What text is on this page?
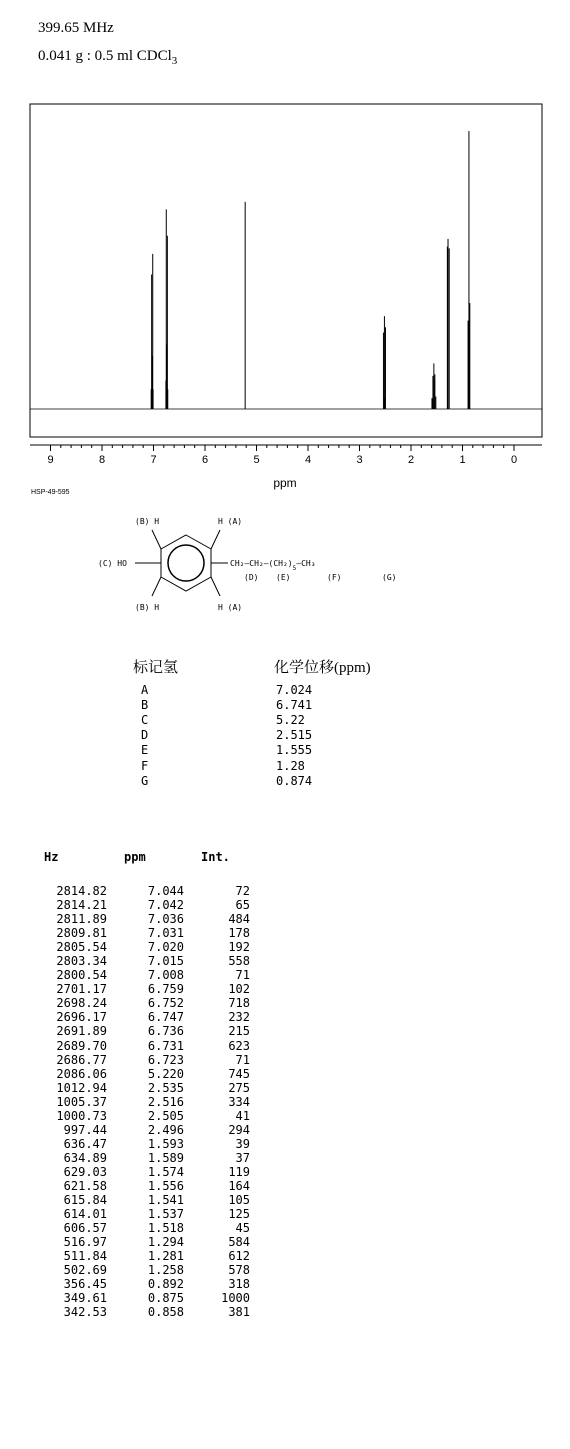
399.65 MHz
0.041 g : 0.5 ml CDCl$_3$
9	8	7	6	5	4	3	2	1	0
ppm
HSP-49-595
(B) H	H (A)
(B) H	H (A)
(C) HO	$CH_2—CH_2—(CH_2)_5—CH_3$
(D) (E)	(F)	(G)
标记氢	化学位移(ppm)
A	7.024
B	6.741
C	5.22
D	2.515
E	1.555
F	1.28
G	0.874
Hz	ppm	Int.
2814.82	7.044	72
2814.21	7.042	65
2811.89	7.036	484
2809.81	7.031	178
2805.54	7.020	192
2803.34	7.015	558
2800.54	7.008	71
2701.17	6.759	102
2698.24	6.752	718
2696.17	6.747	232
2691.89	6.736	215
2689.70	6.731	623
2686.77	6.723	71
2086.06	5.220	745
1012.94	2.535	275
1005.37	2.516	334
1000.73	2.505	41
997.44	2.496	294
636.47	1.593	39
634.89	1.589	37
629.03	1.574	119
621.58	1.556	164
615.84	1.541	105
614.01	1.537	125
606.57	1.518	45
516.97	1.294	584
511.84	1.281	612
502.69	1.258	578
356.45	0.892	318
349.61	0.875	1000
342.53	0.858	381
